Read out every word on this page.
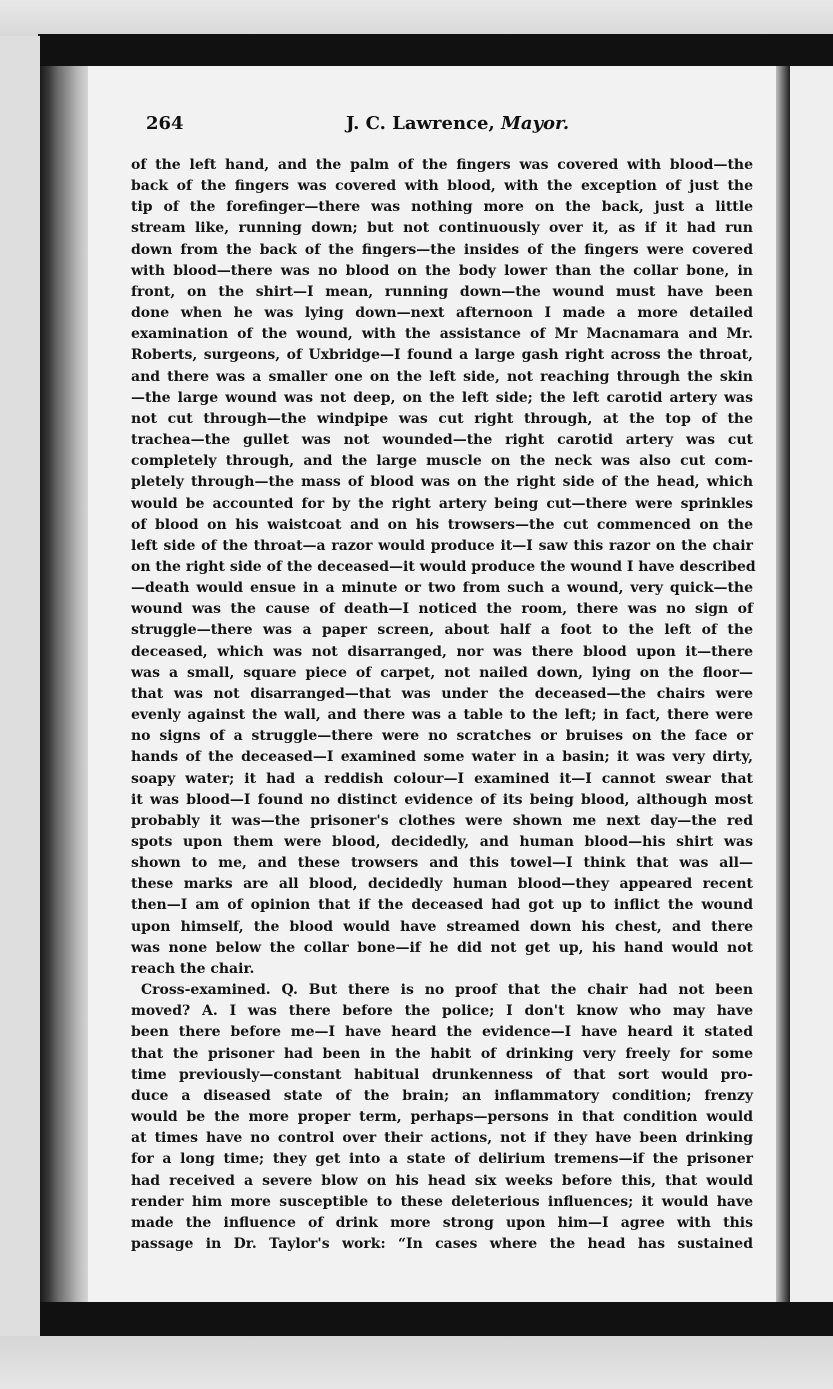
264	J. C. Lawrence, Mayor.
of the left hand, and the palm of the fingers was covered with blood—the
back of the fingers was covered with blood, with the exception of just the
tip of the forefinger—there was nothing more on the back, just a little
stream like, running down; but not continuously over it, as if it had run
down from the back of the fingers—the insides of the fingers were covered
with blood—there was no blood on the body lower than the collar bone, in
front, on the shirt—I mean, running down—the wound must have been
done when he was lying down—next afternoon I made a more detailed
examination of the wound, with the assistance of Mr Macnamara and Mr.
Roberts, surgeons, of Uxbridge—I found a large gash right across the throat,
and there was a smaller one on the left side, not reaching through the skin
—the large wound was not deep, on the left side; the left carotid artery was
not cut through—the windpipe was cut right through, at the top of the
trachea—the gullet was not wounded—the right carotid artery was cut
completely through, and the large muscle on the neck was also cut com-
pletely through—the mass of blood was on the right side of the head, which
would be accounted for by the right artery being cut—there were sprinkles
of blood on his waistcoat and on his trowsers—the cut commenced on the
left side of the throat—a razor would produce it—I saw this razor on the chair
on the right side of the deceased—it would produce the wound I have described
—death would ensue in a minute or two from such a wound, very quick—the
wound was the cause of death—I noticed the room, there was no sign of
struggle—there was a paper screen, about half a foot to the left of the
deceased, which was not disarranged, nor was there blood upon it—there
was a small, square piece of carpet, not nailed down, lying on the floor—
that was not disarranged—that was under the deceased—the chairs were
evenly against the wall, and there was a table to the left; in fact, there were
no signs of a struggle—there were no scratches or bruises on the face or
hands of the deceased—I examined some water in a basin; it was very dirty,
soapy water; it had a reddish colour—I examined it—I cannot swear that
it was blood—I found no distinct evidence of its being blood, although most
probably it was—the prisoner's clothes were shown me next day—the red
spots upon them were blood, decidedly, and human blood—his shirt was
shown to me, and these trowsers and this towel—I think that was all—
these marks are all blood, decidedly human blood—they appeared recent
then—I am of opinion that if the deceased had got up to inflict the wound
upon himself, the blood would have streamed down his chest, and there
was none below the collar bone—if he did not get up, his hand would not
reach the chair.
Cross-examined. Q. But there is no proof that the chair had not been
moved? A. I was there before the police; I don't know who may have
been there before me—I have heard the evidence—I have heard it stated
that the prisoner had been in the habit of drinking very freely for some
time previously—constant habitual drunkenness of that sort would pro-
duce a diseased state of the brain; an inflammatory condition; frenzy
would be the more proper term, perhaps—persons in that condition would
at times have no control over their actions, not if they have been drinking
for a long time; they get into a state of delirium tremens—if the prisoner
had received a severe blow on his head six weeks before this, that would
render him more susceptible to these deleterious influences; it would have
made the influence of drink more strong upon him—I agree with this
passage in Dr. Taylor's work: “In cases where the head has sustained
